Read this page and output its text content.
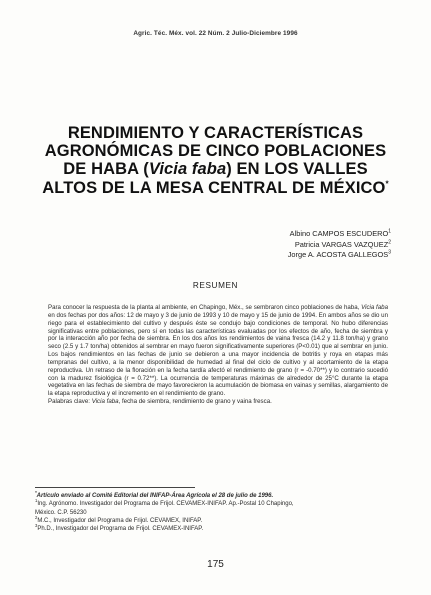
Agric. Téc. Méx. vol. 22 Núm. 2 Julio-Diciembre 1996
RENDIMIENTO Y CARACTERÍSTICAS
AGRONÓMICAS DE CINCO POBLACIONES
DE HABA (Vicia faba) EN LOS VALLES
ALTOS DE LA MESA CENTRAL DE MÉXICO*
Albino CAMPOS ESCUDERO$^1$
Patricia VARGAS VAZQUEZ$^2$
Jorge A. ACOSTA GALLEGOS$^3$
RESUMEN

Para conocer la respuesta de la planta al ambiente, en Chapingo, Méx., se sembraron cinco poblaciones de haba, Vicia faba en dos fechas por dos años: 12 de mayo y 3 de junio de 1993 y 10 de mayo y 15 de junio de 1994. En ambos años se dio un riego para el establecimiento del cultivo y después éste se condujo bajo condiciones de temporal. No hubo diferencias significativas entre poblaciones, pero sí en todas las características evaluadas por los efectos de año, fecha de siembra y por la interacción año por fecha de siembra. En los dos años los rendimientos de vaina fresca (14.2 y 11.8 ton/ha) y grano seco (2.5 y 1.7 ton/ha) obtenidos al sembrar en mayo fueron significativamente superiores (P<0.01) que al sembrar en junio. Los bajos rendimientos en las fechas de junio se debieron a una mayor incidencia de botritis y roya en etapas más tempranas del cultivo, a la menor disponibilidad de humedad al final del ciclo de cultivo y al acortamiento de la etapa reproductiva. Un retraso de la floración en la fecha tardía afectó el rendimiento de grano (r = -0.70**) y lo contrario sucedió con la madurez fisiológica (r = 0.72**). La ocurrencia de temperaturas máximas de alrededor de 25°C durante la etapa vegetativa en las fechas de siembra de mayo favorecieron la acumulación de biomasa en vainas y semillas, alargamiento de la etapa reproductiva y el incremento en el rendimiento de grano.

Palabras clave: Vicia faba, fecha de siembra, rendimiento de grano y vaina fresca.

*Artículo enviado al Comité Editorial del INIFAP-Área Agrícola el 28 de julio de 1996.
$^1$Ing. Agrónomo. Investigador del Programa de Frijol. CEVAMEX-INIFAP. Ap.-Postal 10 Chapingo,
México. C.P. 56230
$^2$M.C., Investigador del Programa de Frijol. CEVAMEX, INIFAP.
$^3$Ph.D., Investigador del Programa de Frijol. CEVAMEX-INIFAP.
175
